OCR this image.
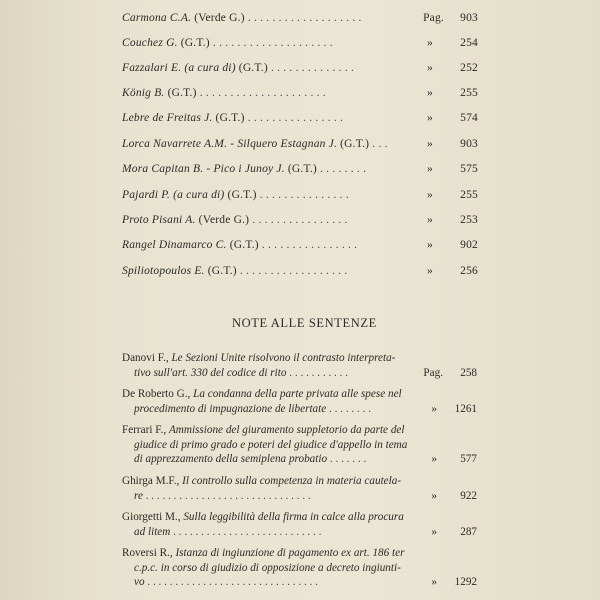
Carmona C.A. (Verde G.) . . . . . . . . . . . . . . . . . . .	Pag.	903
Couchez G. (G.T.) . . . . . . . . . . . . . . . . . . . .	»	254
Fazzalari E. (a cura di) (G.T.) . . . . . . . . . . . . . .	»	252
König B. (G.T.) . . . . . . . . . . . . . . . . . . . . .	»	255
Lebre de Freitas J. (G.T.) . . . . . . . . . . . . . . . .	»	574
Lorca Navarrete A.M. - Silquero Estagnan J. (G.T.) . . .	»	903
Mora Capitan B. - Pico i Junoy J. (G.T.) . . . . . . . .	»	575
Pajardi P. (a cura di) (G.T.) . . . . . . . . . . . . . . .	»	255
Proto Pisani A. (Verde G.) . . . . . . . . . . . . . . . .	»	253
Rangel Dinamarco C. (G.T.) . . . . . . . . . . . . . . . .	»	902
Spiliotopoulos E. (G.T.) . . . . . . . . . . . . . . . . . .	»	256
NOTE ALLE SENTENZE
Danovi F., Le Sezioni Unite risolvono il contrasto interpreta-
tivo sull'art. 330 del codice di rito . . . . . . . . . . .	Pag. 258
De Roberto G., La condanna della parte privata alle spese nel
procedimento di impugnazione de libertate . . . . . . . .	» 1261
Ferrari F., Ammissione del giuramento suppletorio da parte del
giudice di primo grado e poteri del giudice d'appello in tema
di apprezzamento della semiplena probatio . . . . . . .	» 577
Ghirga M.F., Il controllo sulla competenza in materia cautela-
re . . . . . . . . . . . . . . . . . . . . . . . . . . . . . .	» 922
Giorgetti M., Sulla leggibilità della firma in calce alla procura
ad litem . . . . . . . . . . . . . . . . . . . . . . . . . . .	» 287
Roversi R., Istanza di ingiunzione di pagamento ex art. 186 ter
c.p.c. in corso di giudizio di opposizione a decreto ingiunti-
vo . . . . . . . . . . . . . . . . . . . . . . . . . . . . . . .	» 1292
